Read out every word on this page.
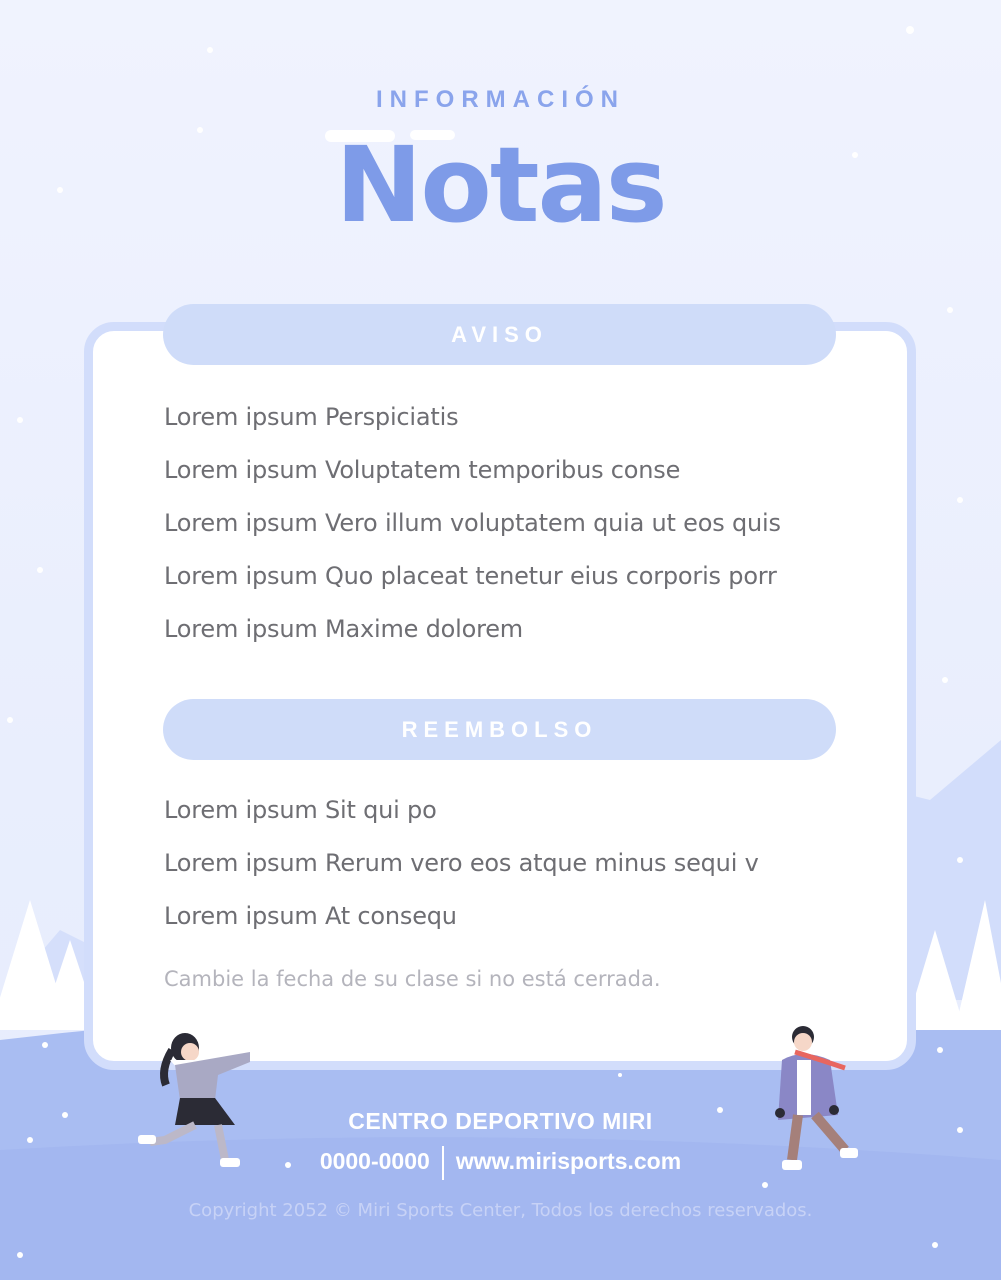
INFORMACIÓN
Notas
AVISO
Lorem ipsum Perspiciatis
Lorem ipsum Voluptatem temporibus conse
Lorem ipsum Vero illum voluptatem quia ut eos quis
Lorem ipsum Quo placeat tenetur eius corporis porr
Lorem ipsum Maxime dolorem
REEMBOLSO
Lorem ipsum Sit qui po
Lorem ipsum Rerum vero eos atque minus sequi v
Lorem ipsum At consequ
Cambie la fecha de su clase si no está cerrada.
CENTRO DEPORTIVO MIRI
0000-0000 www.mirisports.com
Copyright 2052 © Miri Sports Center, Todos los derechos reservados.
